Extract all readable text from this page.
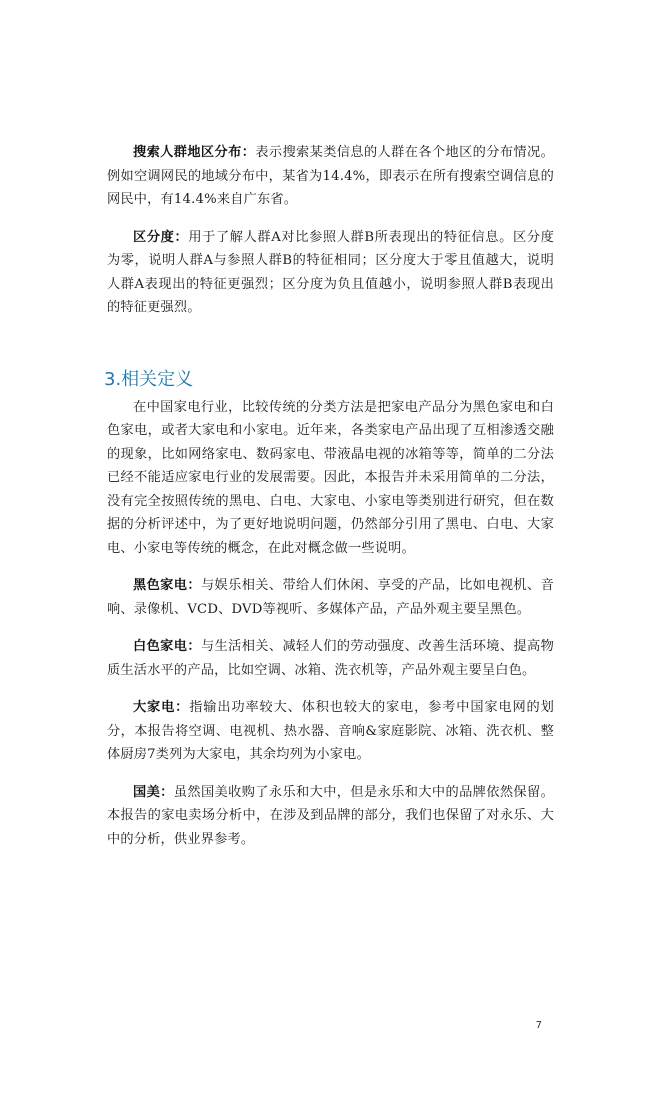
搜索人群地区分布：表示搜索某类信息的人群在各个地区的分布情况。例如空调网民的地域分布中，某省为14.4%，即表示在所有搜索空调信息的网民中，有14.4%来自广东省。

区分度：用于了解人群A对比参照人群B所表现出的特征信息。区分度为零，说明人群A与参照人群B的特征相同；区分度大于零且值越大，说明人群A表现出的特征更强烈；区分度为负且值越小，说明参照人群B表现出的特征更强烈。

3.相关定义

在中国家电行业，比较传统的分类方法是把家电产品分为黑色家电和白色家电，或者大家电和小家电。近年来，各类家电产品出现了互相渗透交融的现象，比如网络家电、数码家电、带液晶电视的冰箱等等，简单的二分法已经不能适应家电行业的发展需要。因此，本报告并未采用简单的二分法，没有完全按照传统的黑电、白电、大家电、小家电等类别进行研究，但在数据的分析评述中，为了更好地说明问题，仍然部分引用了黑电、白电、大家电、小家电等传统的概念，在此对概念做一些说明。

黑色家电：与娱乐相关、带给人们休闲、享受的产品，比如电视机、音响、录像机、VCD、DVD等视听、多媒体产品，产品外观主要呈黑色。

白色家电：与生活相关、减轻人们的劳动强度、改善生活环境、提高物质生活水平的产品，比如空调、冰箱、洗衣机等，产品外观主要呈白色。

大家电：指输出功率较大、体积也较大的家电，参考中国家电网的划分，本报告将空调、电视机、热水器、音响&家庭影院、冰箱、洗衣机、整体厨房7类列为大家电，其余均列为小家电。

国美：虽然国美收购了永乐和大中，但是永乐和大中的品牌依然保留。本报告的家电卖场分析中，在涉及到品牌的部分，我们也保留了对永乐、大中的分析，供业界参考。

7
